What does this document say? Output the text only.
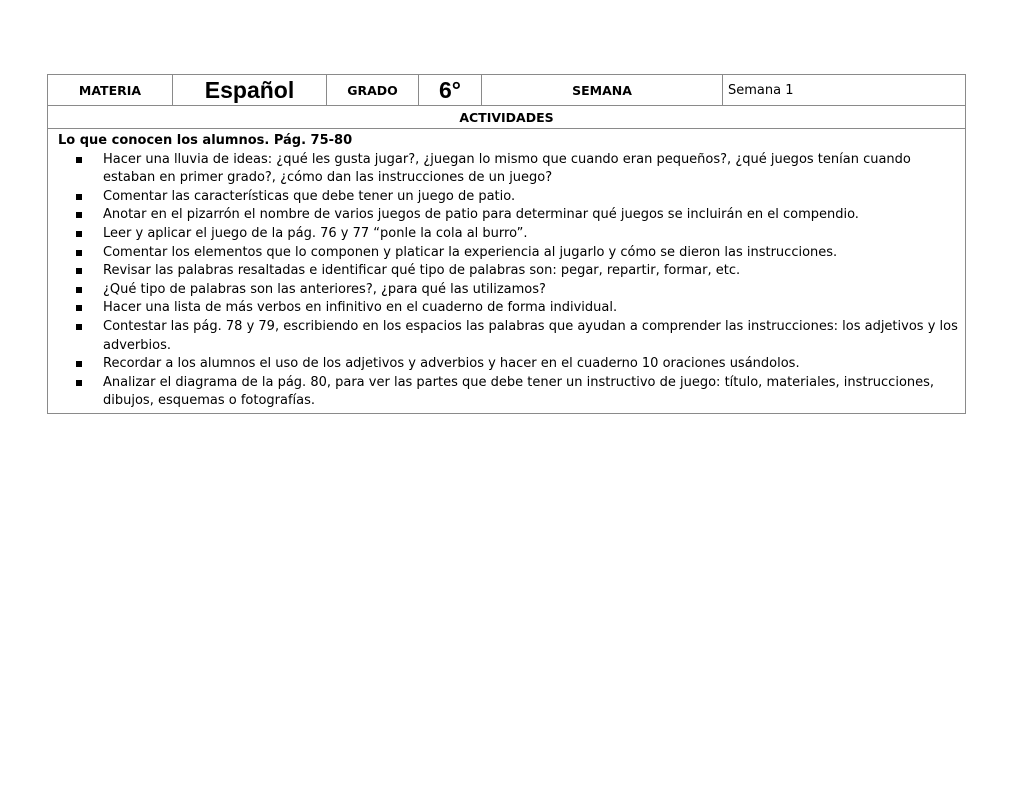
MATERIA	Español	GRADO	6°	SEMANA	Semana 1
ACTIVIDADES

Lo que conocen los alumnos. Pág. 75-80
Hacer una lluvia de ideas: ¿qué les gusta jugar?, ¿juegan lo mismo que cuando eran pequeños?, ¿qué juegos tenían cuando estaban en primer grado?, ¿cómo dan las instrucciones de un juego?
Comentar las características que debe tener un juego de patio.
Anotar en el pizarrón el nombre de varios juegos de patio para determinar qué juegos se incluirán en el compendio.
Leer y aplicar el juego de la pág. 76 y 77 “ponle la cola al burro”.
Comentar los elementos que lo componen y platicar la experiencia al jugarlo y cómo se dieron las instrucciones.
Revisar las palabras resaltadas e identificar qué tipo de palabras son: pegar, repartir, formar, etc.
¿Qué tipo de palabras son las anteriores?, ¿para qué las utilizamos?
Hacer una lista de más verbos en infinitivo en el cuaderno de forma individual.
Contestar las pág. 78 y 79, escribiendo en los espacios las palabras que ayudan a comprender las instrucciones: los adjetivos y los adverbios.
Recordar a los alumnos el uso de los adjetivos y adverbios y hacer en el cuaderno 10 oraciones usándolos.
Analizar el diagrama de la pág. 80, para ver las partes que debe tener un instructivo de juego: título, materiales, instrucciones, dibujos, esquemas o fotografías.
